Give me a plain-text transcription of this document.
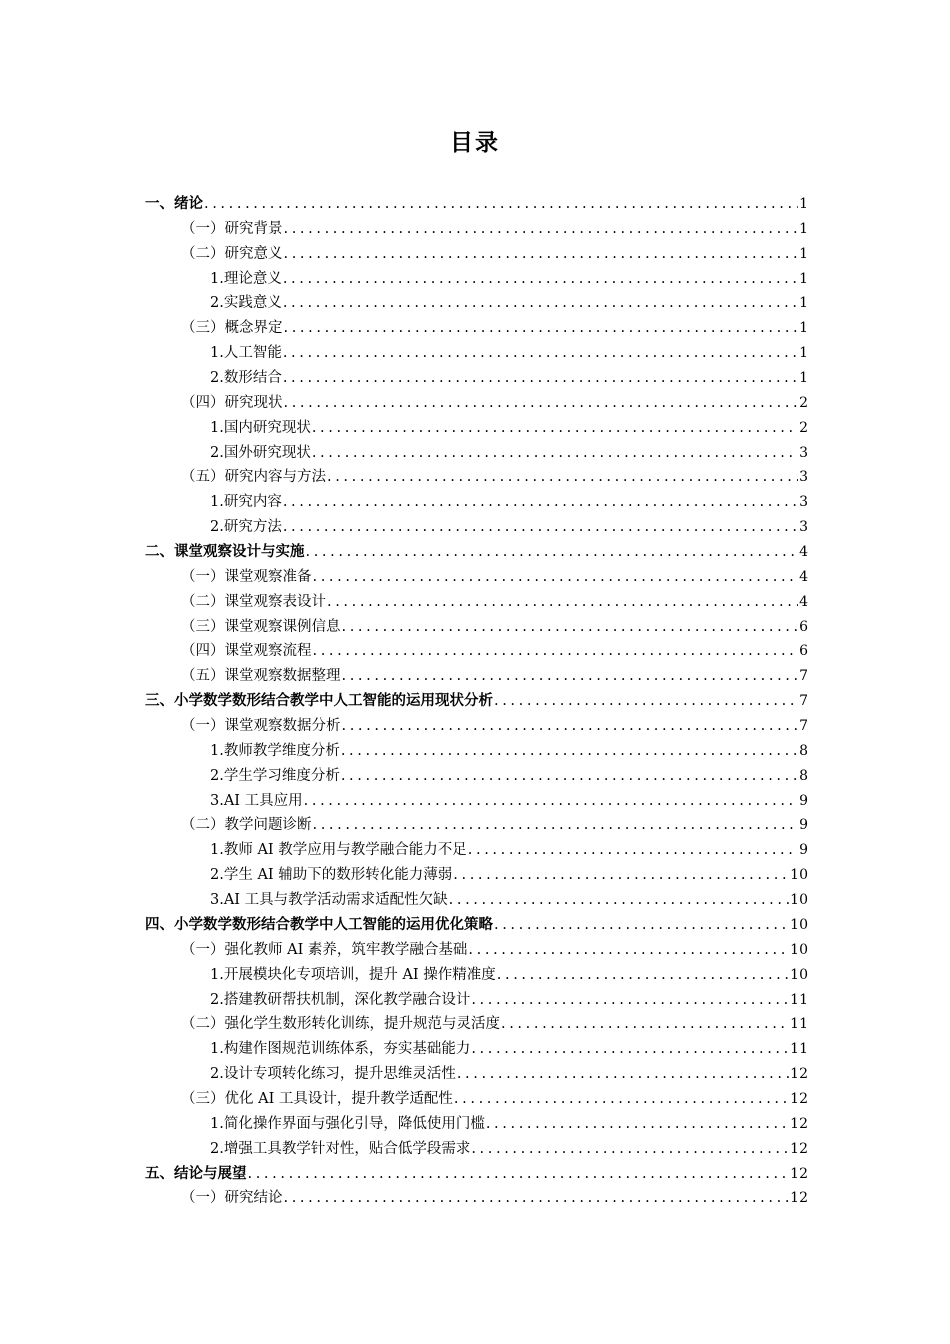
目录
一、绪论 . . .	1
（一）研究背景 . . .	1
（二）研究意义 . . .	1
1.理论意义 . . .	1
2.实践意义 . . .	1
（三）概念界定 . . .	1
1.人工智能 . . .	1
2.数形结合 . . .	1
（四）研究现状 . . .	2
1.国内研究现状 . . .	2
2.国外研究现状 . . .	3
（五）研究内容与方法 . . .	3
1.研究内容 . . .	3
2.研究方法 . . .	3
二、课堂观察设计与实施 . . .	4
（一）课堂观察准备 . . .	4
（二）课堂观察表设计 . . .	4
（三）课堂观察课例信息 . . .	6
（四）课堂观察流程 . . .	6
（五）课堂观察数据整理 . . .	7
三、小学数学数形结合教学中人工智能的运用现状分析 . . .	7
（一）课堂观察数据分析 . . .	7
1.教师教学维度分析 . . .	8
2.学生学习维度分析 . . .	8
3.AI 工具应用 . . .	9
（二）教学问题诊断 . . .	9
1.教师 AI 教学应用与教学融合能力不足 . . .	9
2.学生 AI 辅助下的数形转化能力薄弱 . . .	10
3.AI 工具与教学活动需求适配性欠缺 . . .	10
四、小学数学数形结合教学中人工智能的运用优化策略 . . .	10
（一）强化教师 AI 素养，筑牢教学融合基础 . . .	10
1.开展模块化专项培训，提升 AI 操作精准度 . . .	10
2.搭建教研帮扶机制，深化教学融合设计 . . .	11
（二）强化学生数形转化训练，提升规范与灵活度 . . .	11
1.构建作图规范训练体系，夯实基础能力 . . .	11
2.设计专项转化练习，提升思维灵活性 . . .	12
（三）优化 AI 工具设计，提升教学适配性 . . .	12
1.简化操作界面与强化引导，降低使用门槛 . . .	12
2.增强工具教学针对性，贴合低学段需求 . . .	12
五、结论与展望 . . .	12
（一）研究结论 . . .	12
